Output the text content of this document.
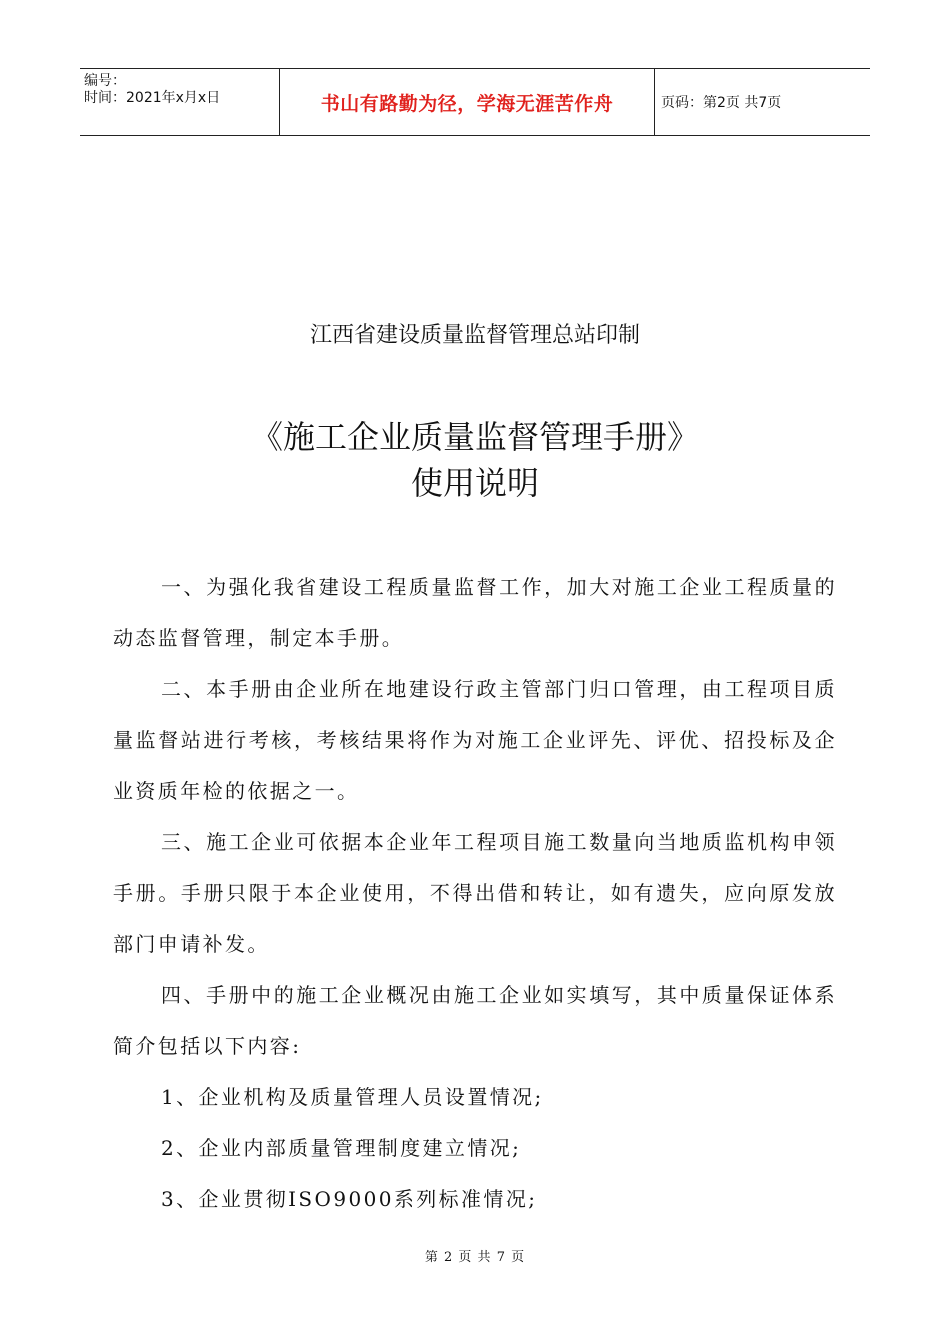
编号：
时间：2021年x月x日	书山有路勤为径，学海无涯苦作舟	页码：第2页 共7页
江西省建设质量监督管理总站印制
《施工企业质量监督管理手册》
使用说明

一、为强化我省建设工程质量监督工作，加大对施工企业工程质量的动态监督管理，制定本手册。

二、本手册由企业所在地建设行政主管部门归口管理，由工程项目质量监督站进行考核，考核结果将作为对施工企业评先、评优、招投标及企业资质年检的依据之一。

三、施工企业可依据本企业年工程项目施工数量向当地质监机构申领手册。手册只限于本企业使用，不得出借和转让，如有遗失，应向原发放部门申请补发。

四、手册中的施工企业概况由施工企业如实填写，其中质量保证体系简介包括以下内容:

1、企业机构及质量管理人员设置情况;

2、企业内部质量管理制度建立情况;

3、企业贯彻ISO9000系列标准情况;

第 2 页 共 7 页
